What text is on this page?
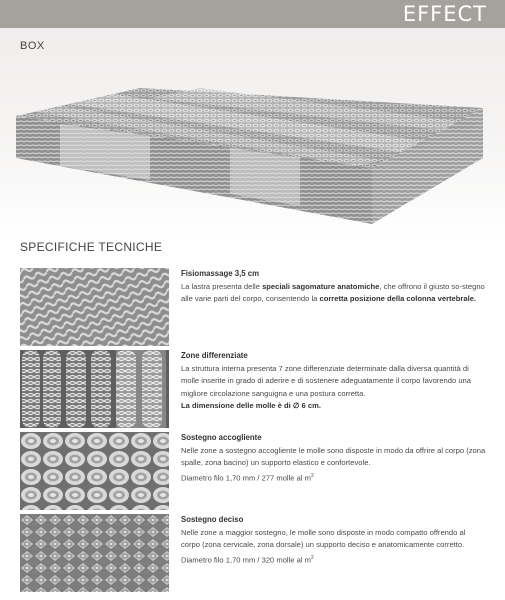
EFFECT
BOX
SPECIFICHE TECNICHE
Fisiomassage 3,5 cm

La lastra presenta delle speciali sagomature anatomiche, che offrono il giusto so-stegno alle varie parti del corpo, consentendo la corretta posizione della colonna vertebrale.

Zone differenziate

La struttura interna presenta 7 zone differenziate determinate dalla diversa quantità di molle inserite in grado di aderire e di sostenere adeguatamente il corpo favorendo una migliore circolazione sanguigna e una postura corretta.

La dimensione delle molle è di ∅ 6 cm.

Sostegno accogliente

Nelle zone a sostegno accogliente le molle sono disposte in modo da offrire al corpo (zona spalle, zona bacino) un supporto elastico e confortevole.

Diametro filo 1,70 mm / 277 molle al $m^2$

Sostegno deciso

Nelle zone a maggior sostegno, le molle sono disposte in modo compatto offrendo al corpo (zona cervicale, zona dorsale) un supporto deciso e anatomicamente corretto.

Diametro filo 1,70 mm / 320 molle al $m^2$
